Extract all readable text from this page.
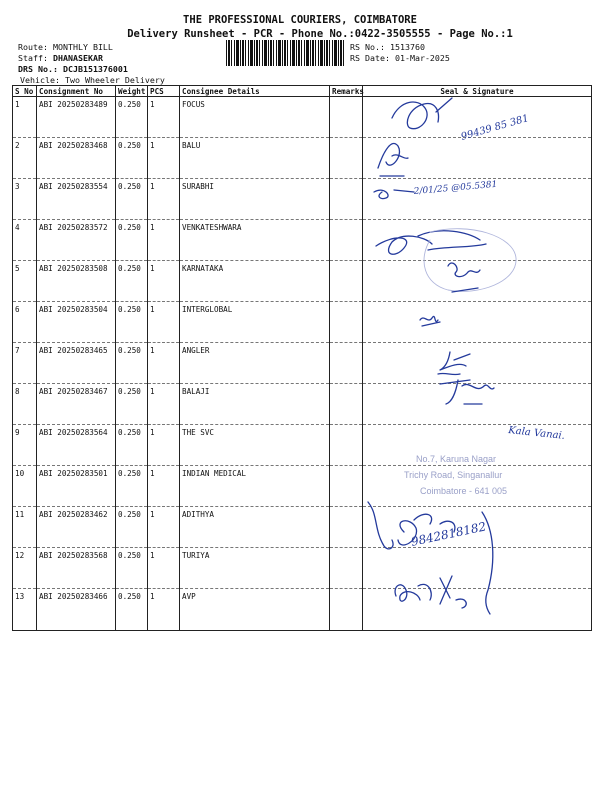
THE PROFESSIONAL COURIERS, COIMBATORE
Delivery Runsheet - PCR - Phone No.:0422-3505555 - Page No.:1
Route: MONTHLY BILL
Staff: DHANASEKAR
DRS No.: DCJB151376001
Vehicle: Two Wheeler Delivery
RS No.: 1513760
RS Date: 01-Mar-2025
S No	Consignment No	Weight	PCS	Consignee Details	Remarks	Seal & Signature
1	ABI 20250283489	0.250	1	FOCUS		
2	ABI 20250283468	0.250	1	BALU		
3	ABI 20250283554	0.250	1	SURABHI		
4	ABI 20250283572	0.250	1	VENKATESHWARA		
5	ABI 20250283508	0.250	1	KARNATAKA		
6	ABI 20250283504	0.250	1	INTERGLOBAL		
7	ABI 20250283465	0.250	1	ANGLER		
8	ABI 20250283467	0.250	1	BALAJI		
9	ABI 20250283564	0.250	1	THE SVC		
10	ABI 20250283501	0.250	1	INDIAN MEDICAL		
11	ABI 20250283462	0.250	1	ADITHYA		
12	ABI 20250283568	0.250	1	TURIYA		
13	ABI 20250283466	0.250	1	AVP		
No.7, Karuna Nagar
Trichy Road, Singanallur
Coimbatore - 641 005
99439 85 381
2/01/25 @05.5381
Kala Vanai.
9842818182
